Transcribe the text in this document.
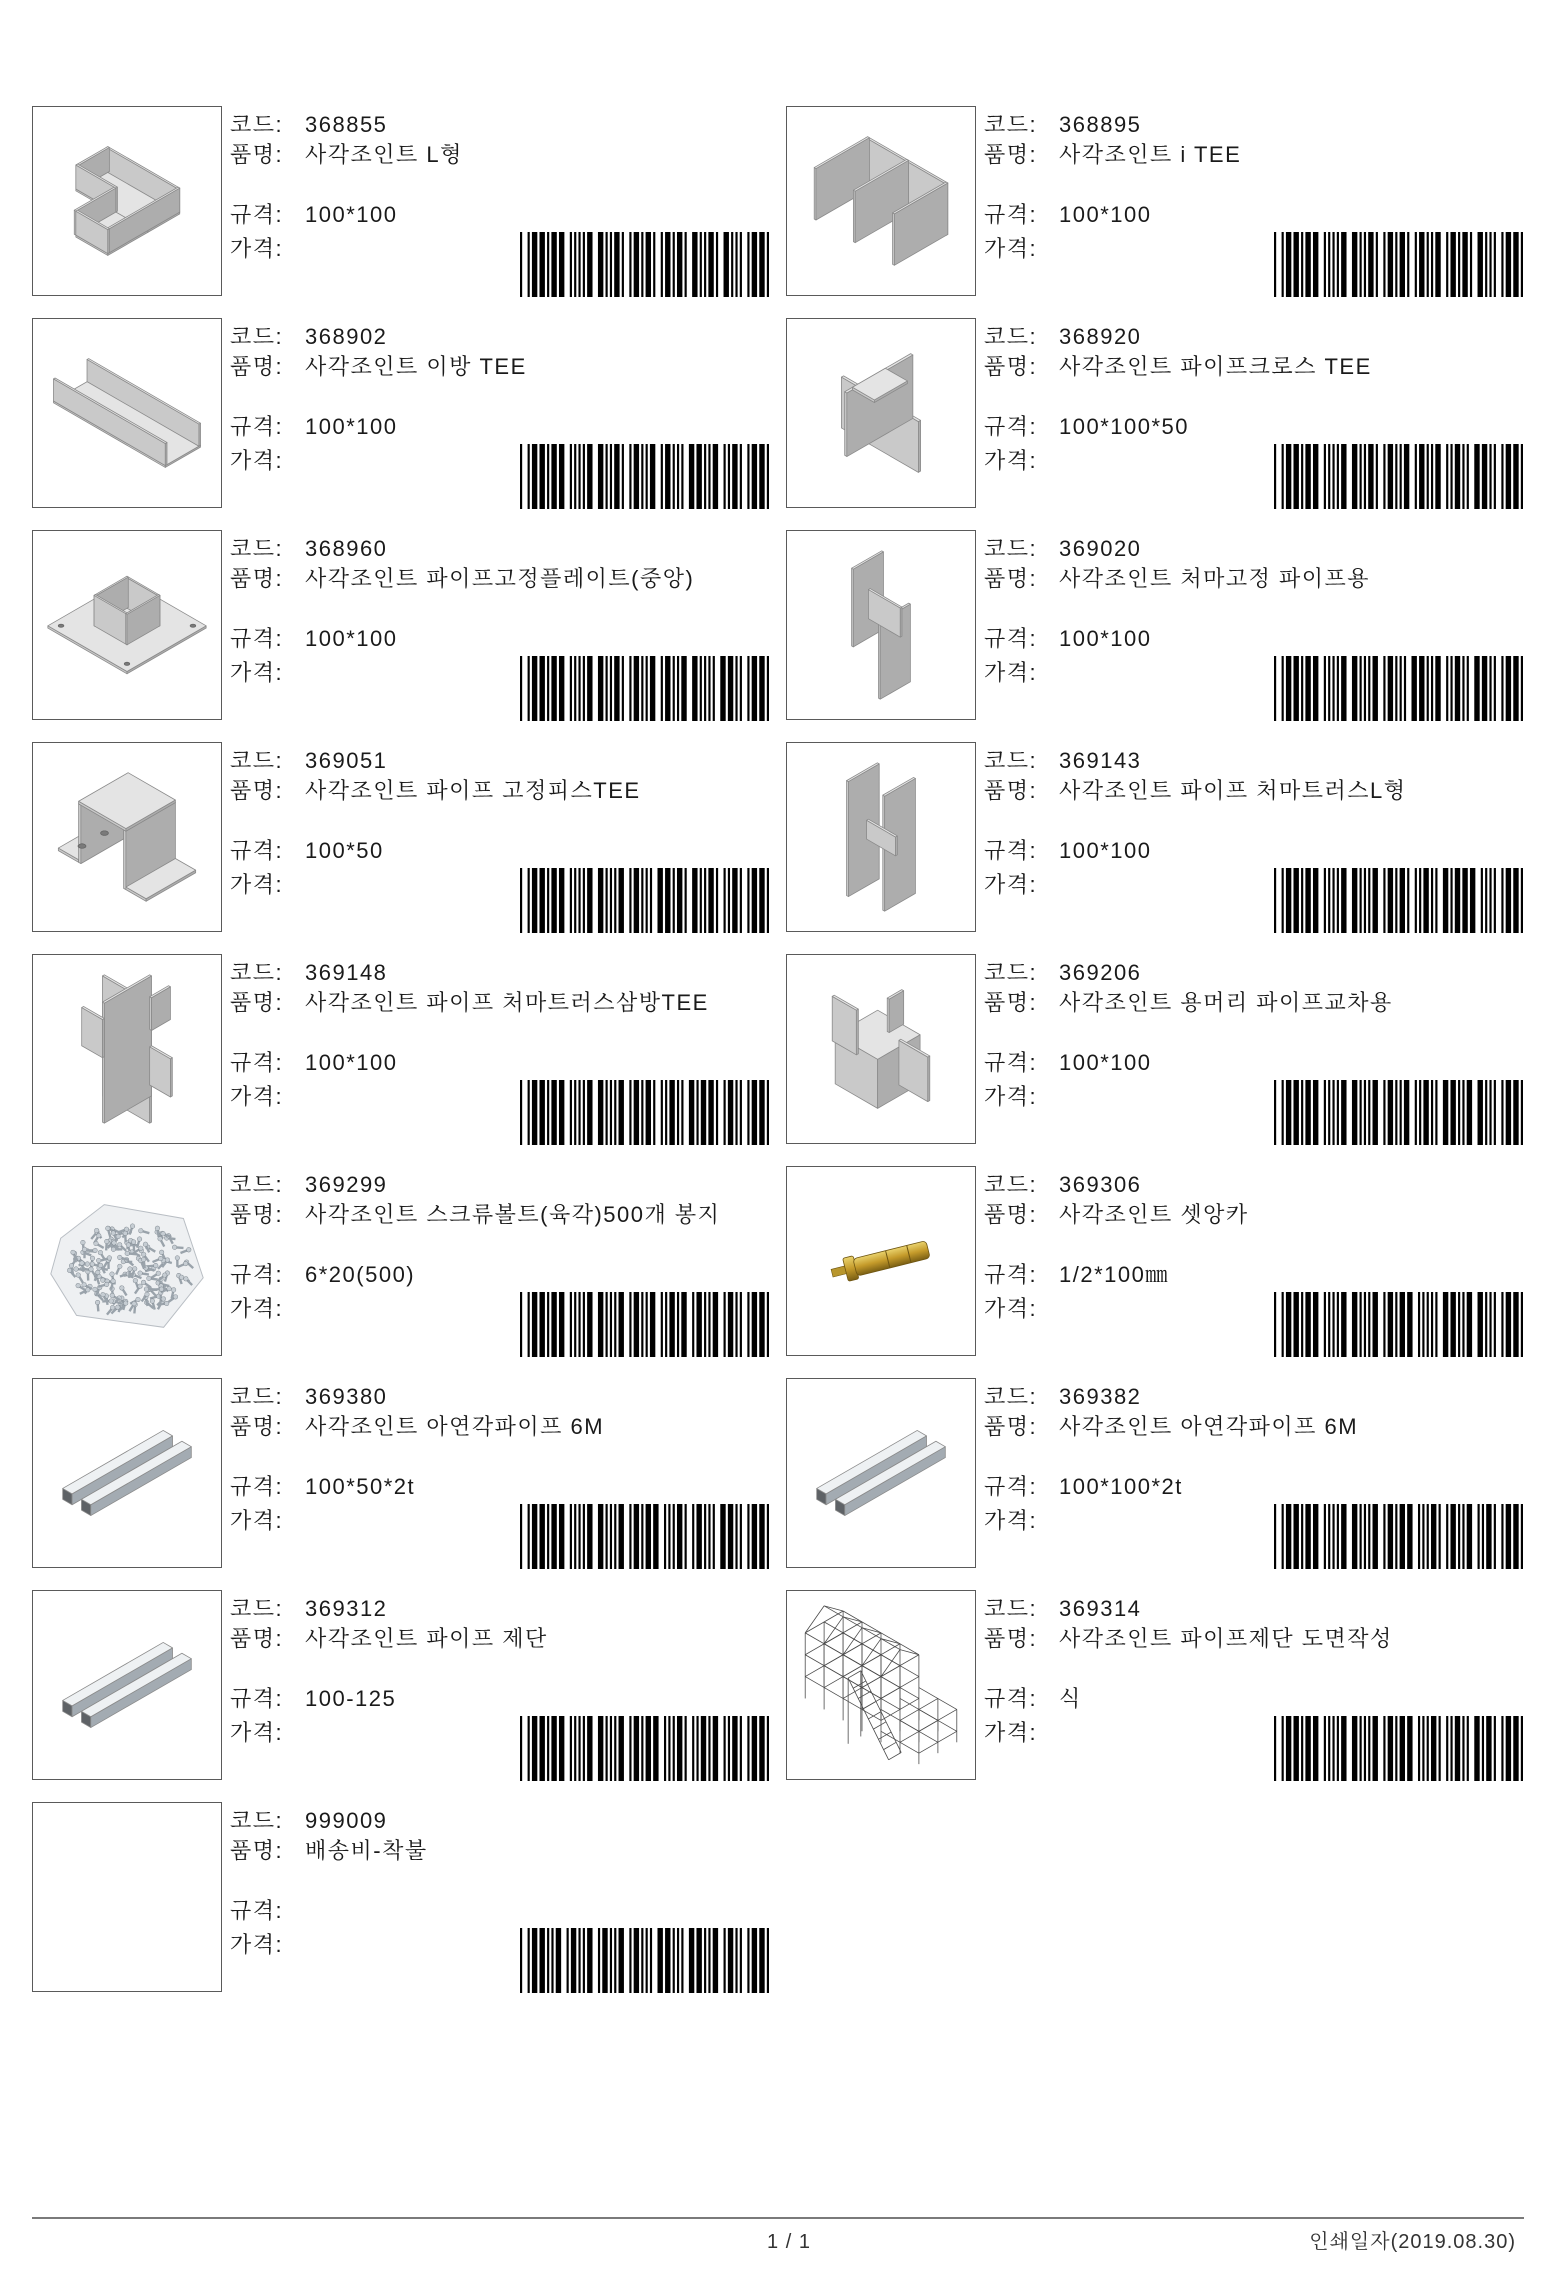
코드: 368855
품명: 사각조인트 L형
규격: 100*100
가격:
코드: 368895
품명: 사각조인트 i TEE
규격: 100*100
가격:
코드: 368902
품명: 사각조인트 이방 TEE
규격: 100*100
가격:
코드: 368920
품명: 사각조인트 파이프크로스 TEE
규격: 100*100*50
가격:
코드: 368960
품명: 사각조인트 파이프고정플레이트(중앙)
규격: 100*100
가격:
코드: 369020
품명: 사각조인트 처마고정 파이프용
규격: 100*100
가격:
코드: 369051
품명: 사각조인트 파이프 고정피스TEE
규격: 100*50
가격:
코드: 369143
품명: 사각조인트 파이프 처마트러스L형
규격: 100*100
가격:
코드: 369148
품명: 사각조인트 파이프 처마트러스삼방TEE
규격: 100*100
가격:
코드: 369206
품명: 사각조인트 용머리 파이프교차용
규격: 100*100
가격:
코드: 369299
품명: 사각조인트 스크류볼트(육각)500개 봉지
규격: 6*20(500)
가격:
코드: 369306
품명: 사각조인트 셋앙카
규격: 1/2*100㎜
가격:
코드: 369380
품명: 사각조인트 아연각파이프 6M
규격: 100*50*2t
가격:
코드: 369382
품명: 사각조인트 아연각파이프 6M
규격: 100*100*2t
가격:
코드: 369312
품명: 사각조인트 파이프 제단
규격: 100-125
가격:
코드: 369314
품명: 사각조인트 파이프제단 도면작성
규격: 식
가격:
코드: 999009
품명: 배송비-착불
규격:
가격:
1 / 1	인쇄일자(2019.08.30)
